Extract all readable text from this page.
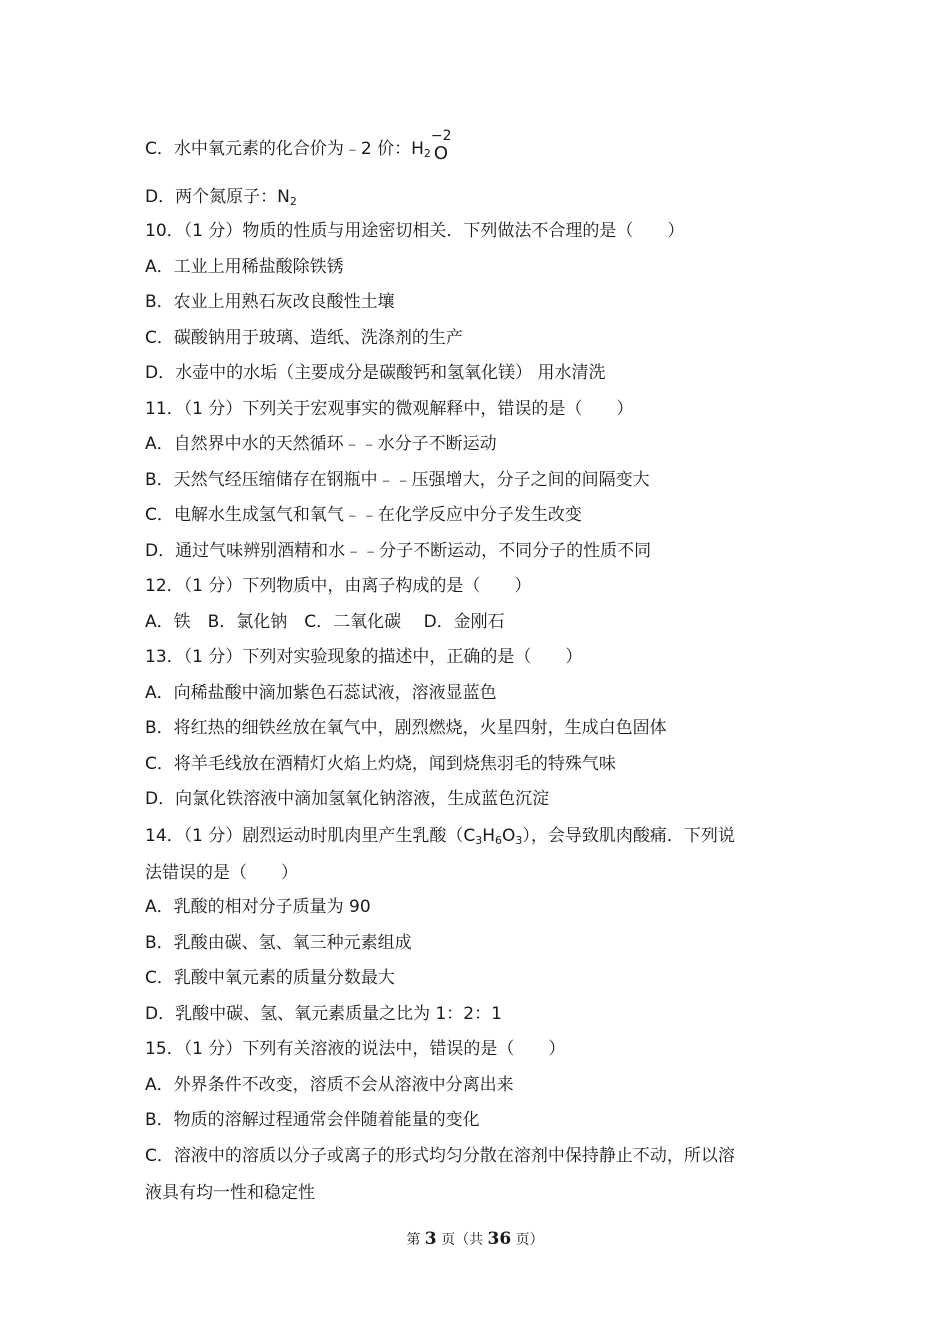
C．水中氧元素的化合价为﹣2 价：$H_2$
−2
O
D．两个氮原子：$N_2$
10．（1 分）物质的性质与用途密切相关．下列做法不合理的是（　　）
A．工业上用稀盐酸除铁锈
B．农业上用熟石灰改良酸性土壤
C．碳酸钠用于玻璃、造纸、洗涤剂的生产
D．水壶中的水垢（主要成分是碳酸钙和氢氧化镁） 用水清洗
11．（1 分）下列关于宏观事实的微观解释中，错误的是（　　）
A．自然界中水的天然循环﹣﹣水分子不断运动
B．天然气经压缩储存在钢瓶中﹣﹣压强增大，分子之间的间隔变大
C．电解水生成氢气和氧气﹣﹣在化学反应中分子发生改变
D．通过气味辨别酒精和水﹣﹣分子不断运动，不同分子的性质不同
12．（1 分）下列物质中，由离子构成的是（　　）
A．铁　B．氯化钠　C．二氧化碳　 D．金刚石
13．（1 分）下列对实验现象的描述中，正确的是（　　）
A．向稀盐酸中滴加紫色石蕊试液，溶液显蓝色
B．将红热的细铁丝放在氧气中，剧烈燃烧，火星四射，生成白色固体
C．将羊毛线放在酒精灯火焰上灼烧，闻到烧焦羽毛的特殊气味
D．向氯化铁溶液中滴加氢氧化钠溶液，生成蓝色沉淀
14．（1 分）剧烈运动时肌肉里产生乳酸$(C_3H_6O_3)$，会导致肌肉酸痛．下列说
法错误的是（　　）
A．乳酸的相对分子质量为 90
B．乳酸由碳、氢、氧三种元素组成
C．乳酸中氧元素的质量分数最大
D．乳酸中碳、氢、氧元素质量之比为 1：2：1
15．（1 分）下列有关溶液的说法中，错误的是（　　）
A．外界条件不改变，溶质不会从溶液中分离出来
B．物质的溶解过程通常会伴随着能量的变化
C．溶液中的溶质以分子或离子的形式均匀分散在溶剂中保持静止不动，所以溶
液具有均一性和稳定性
第 3 页（共 36 页）
